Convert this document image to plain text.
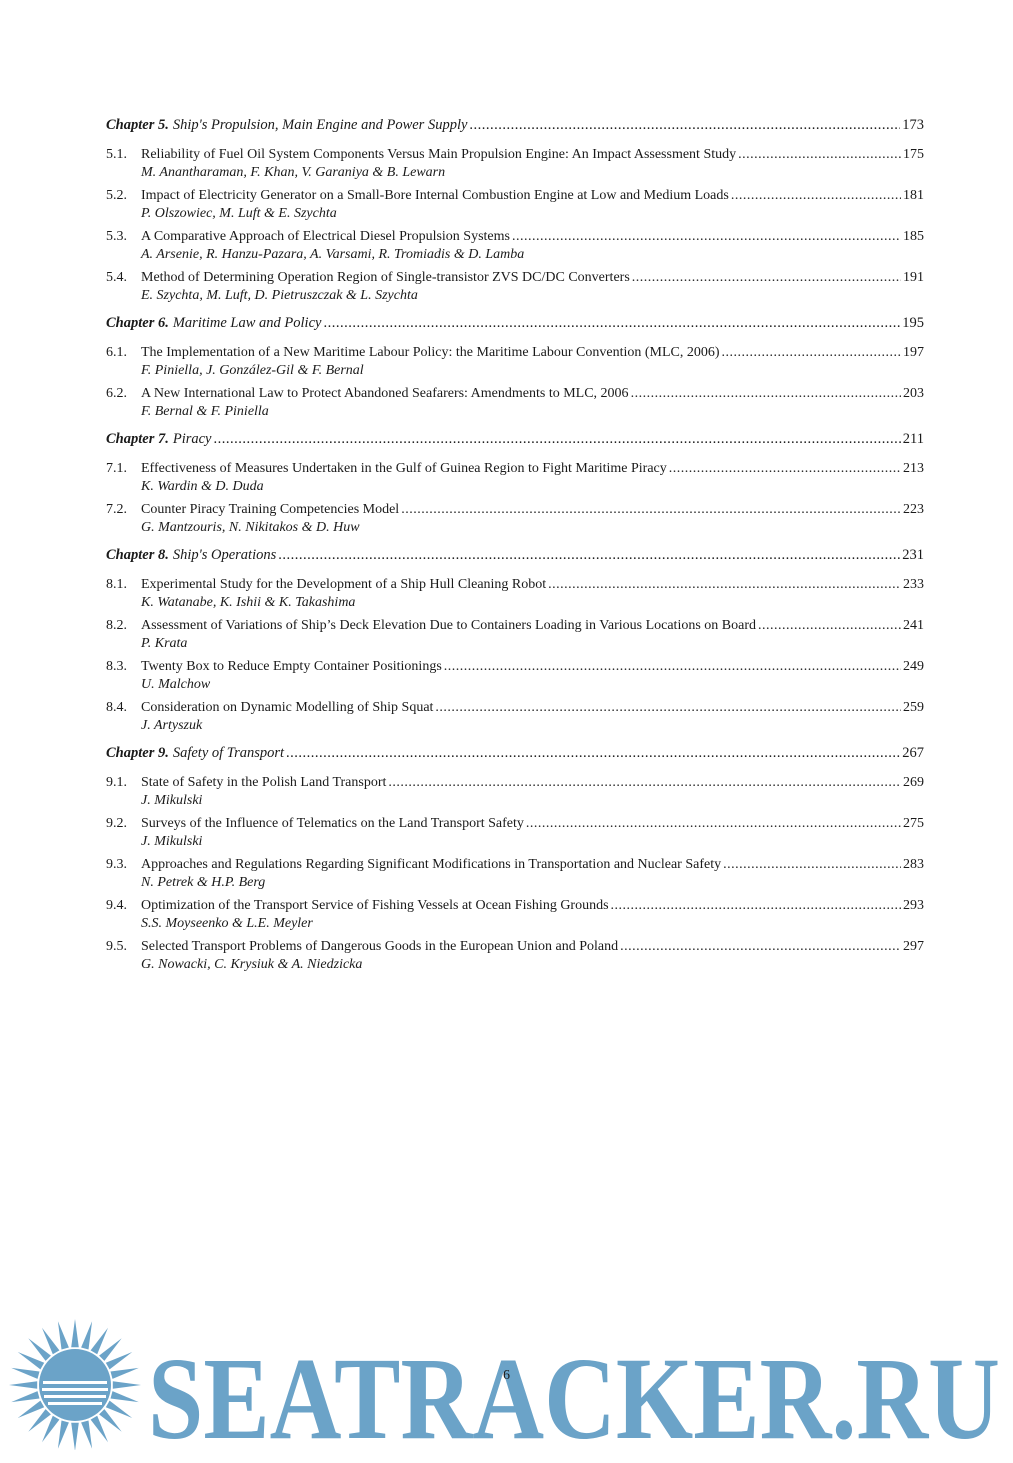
Chapter 5. Ship's Propulsion, Main Engine and Power Supply .....	173
5.1.	Reliability of Fuel Oil System Components Versus Main Propulsion Engine: An Impact Assessment Study .....	175
M. Anantharaman, F. Khan, V. Garaniya & B. Lewarn
5.2.	Impact of Electricity Generator on a Small-Bore Internal Combustion Engine at Low and Medium Loads .....	181
P. Olszowiec, M. Luft & E. Szychta
5.3.	A Comparative Approach of Electrical Diesel Propulsion Systems .....	185
A. Arsenie, R. Hanzu-Pazara, A. Varsami, R. Tromiadis & D. Lamba
5.4.	Method of Determining Operation Region of Single-transistor ZVS DC/DC Converters .....	191
E. Szychta, M. Luft, D. Pietruszczak & L. Szychta
Chapter 6. Maritime Law and Policy .....	195
6.1.	The Implementation of a New Maritime Labour Policy: the Maritime Labour Convention (MLC, 2006) .....	197
F. Piniella, J. González-Gil & F. Bernal
6.2.	A New International Law to Protect Abandoned Seafarers: Amendments to MLC, 2006 .....	203
F. Bernal & F. Piniella
Chapter 7. Piracy .....	211
7.1.	Effectiveness of Measures Undertaken in the Gulf of Guinea Region to Fight Maritime Piracy .....	213
K. Wardin & D. Duda
7.2.	Counter Piracy Training Competencies Model .....	223
G. Mantzouris, N. Nikitakos & D. Huw
Chapter 8. Ship's Operations .....	231
8.1.	Experimental Study for the Development of a Ship Hull Cleaning Robot .....	233
K. Watanabe, K. Ishii & K. Takashima
8.2.	Assessment of Variations of Ship’s Deck Elevation Due to Containers Loading in Various Locations on Board .....	241
P. Krata
8.3.	Twenty Box to Reduce Empty Container Positionings .....	249
U. Malchow
8.4.	Consideration on Dynamic Modelling of Ship Squat .....	259
J. Artyszuk
Chapter 9. Safety of Transport .....	267
9.1.	State of Safety in the Polish Land Transport .....	269
J. Mikulski
9.2.	Surveys of the Influence of Telematics on the Land Transport Safety .....	275
J. Mikulski
9.3.	Approaches and Regulations Regarding Significant Modifications in Transportation and Nuclear Safety .....	283
N. Petrek & H.P. Berg
9.4.	Optimization of the Transport Service of Fishing Vessels at Ocean Fishing Grounds .....	293
S.S. Moyseenko & L.E. Meyler
9.5.	Selected Transport Problems of Dangerous Goods in the European Union and Poland .....	297
G. Nowacki, C. Krysiuk & A. Niedzicka
6
SEATRACKER.RU
